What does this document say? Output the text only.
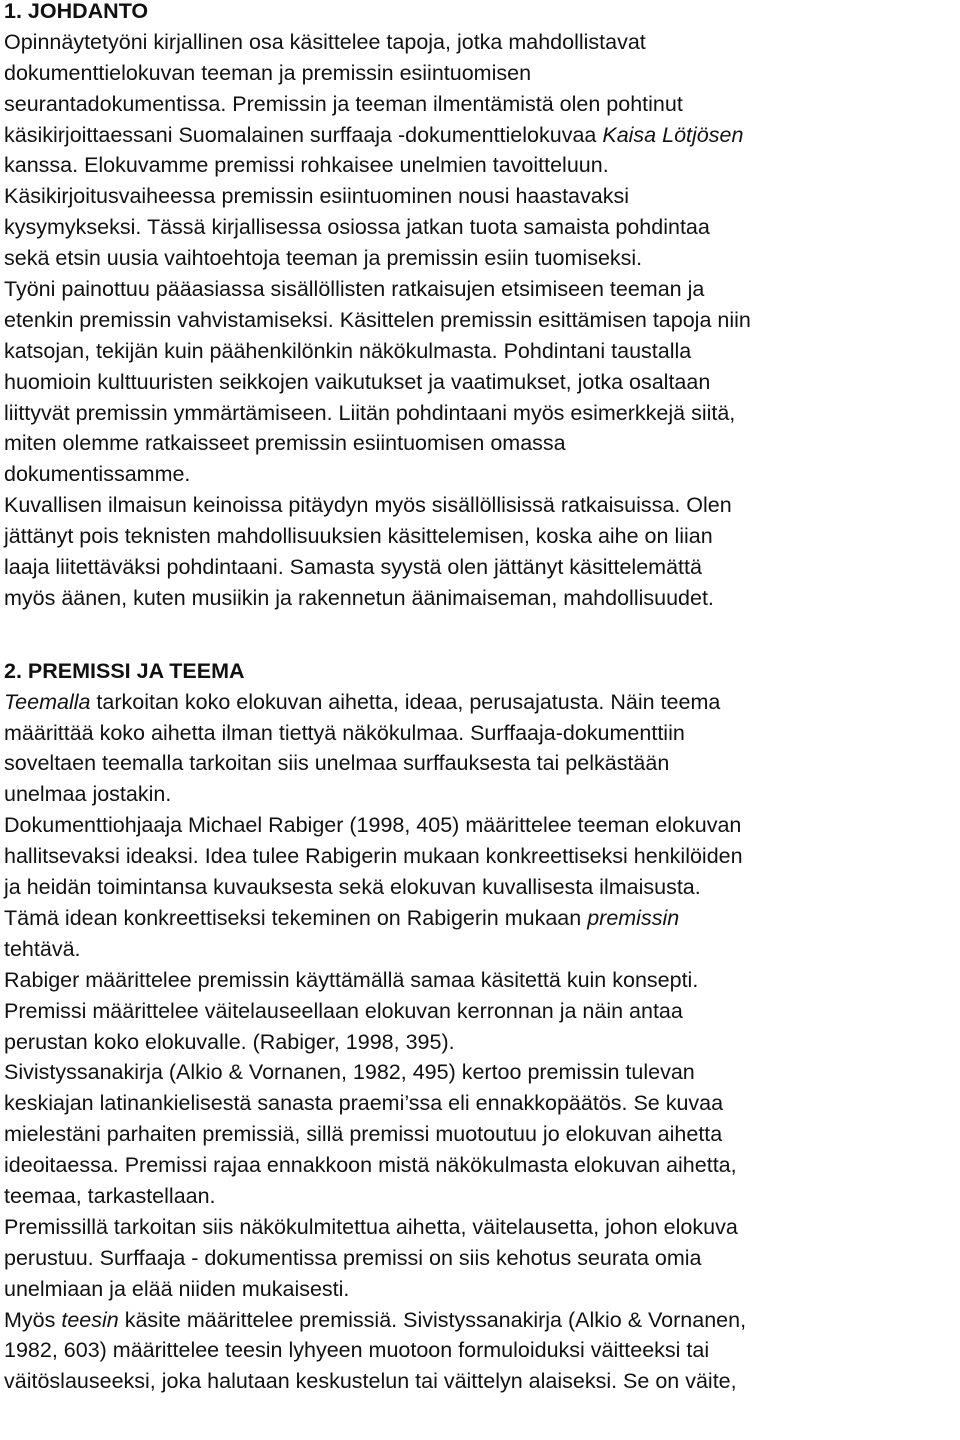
1. JOHDANTO
Opinnäytetyöni kirjallinen osa käsittelee tapoja, jotka mahdollistavat
dokumenttielokuvan teeman ja premissin esiintuomisen
seurantadokumentissa. Premissin ja teeman ilmentämistä olen pohtinut
käsikirjoittaessani Suomalainen surffaaja -dokumenttielokuvaa Kaisa Lötjösen
kanssa. Elokuvamme premissi rohkaisee unelmien tavoitteluun.
Käsikirjoitusvaiheessa premissin esiintuominen nousi haastavaksi
kysymykseksi. Tässä kirjallisessa osiossa jatkan tuota samaista pohdintaa
sekä etsin uusia vaihtoehtoja teeman ja premissin esiin tuomiseksi.
Työni painottuu pääasiassa sisällöllisten ratkaisujen etsimiseen teeman ja
etenkin premissin vahvistamiseksi. Käsittelen premissin esittämisen tapoja niin
katsojan, tekijän kuin päähenkilönkin näkökulmasta. Pohdintani taustalla
huomioin kulttuuristen seikkojen vaikutukset ja vaatimukset, jotka osaltaan
liittyvät premissin ymmärtämiseen. Liitän pohdintaani myös esimerkkejä siitä,
miten olemme ratkaisseet premissin esiintuomisen omassa
dokumentissamme.
Kuvallisen ilmaisun keinoissa pitäydyn myös sisällöllisissä ratkaisuissa. Olen
jättänyt pois teknisten mahdollisuuksien käsittelemisen, koska aihe on liian
laaja liitettäväksi pohdintaani. Samasta syystä olen jättänyt käsittelemättä
myös äänen, kuten musiikin ja rakennetun äänimaiseman, mahdollisuudet.
2. PREMISSI JA TEEMA
Teemalla tarkoitan koko elokuvan aihetta, ideaa, perusajatusta. Näin teema
määrittää koko aihetta ilman tiettyä näkökulmaa. Surffaaja-dokumenttiin
soveltaen teemalla tarkoitan siis unelmaa surffauksesta tai pelkästään
unelmaa jostakin.
Dokumenttiohjaaja Michael Rabiger (1998, 405) määrittelee teeman elokuvan
hallitsevaksi ideaksi. Idea tulee Rabigerin mukaan konkreettiseksi henkilöiden
ja heidän toimintansa kuvauksesta sekä elokuvan kuvallisesta ilmaisusta.
Tämä idean konkreettiseksi tekeminen on Rabigerin mukaan premissin
tehtävä.
Rabiger määrittelee premissin käyttämällä samaa käsitettä kuin konsepti.
Premissi määrittelee väitelauseellaan elokuvan kerronnan ja näin antaa
perustan koko elokuvalle. (Rabiger, 1998, 395).
Sivistyssanakirja (Alkio & Vornanen, 1982, 495) kertoo premissin tulevan
keskiajan latinankielisestä sanasta praemi’ssa eli ennakkopäätös. Se kuvaa
mielestäni parhaiten premissiä, sillä premissi muotoutuu jo elokuvan aihetta
ideoitaessa. Premissi rajaa ennakkoon mistä näkökulmasta elokuvan aihetta,
teemaa, tarkastellaan.
Premissillä tarkoitan siis näkökulmitettua aihetta, väitelausetta, johon elokuva
perustuu. Surffaaja - dokumentissa premissi on siis kehotus seurata omia
unelmiaan ja elää niiden mukaisesti.
Myös teesin käsite määrittelee premissiä. Sivistyssanakirja (Alkio & Vornanen,
1982, 603) määrittelee teesin lyhyeen muotoon formuloiduksi väitteeksi tai
väitöslauseeksi, joka halutaan keskustelun tai väittelyn alaiseksi. Se on väite,
